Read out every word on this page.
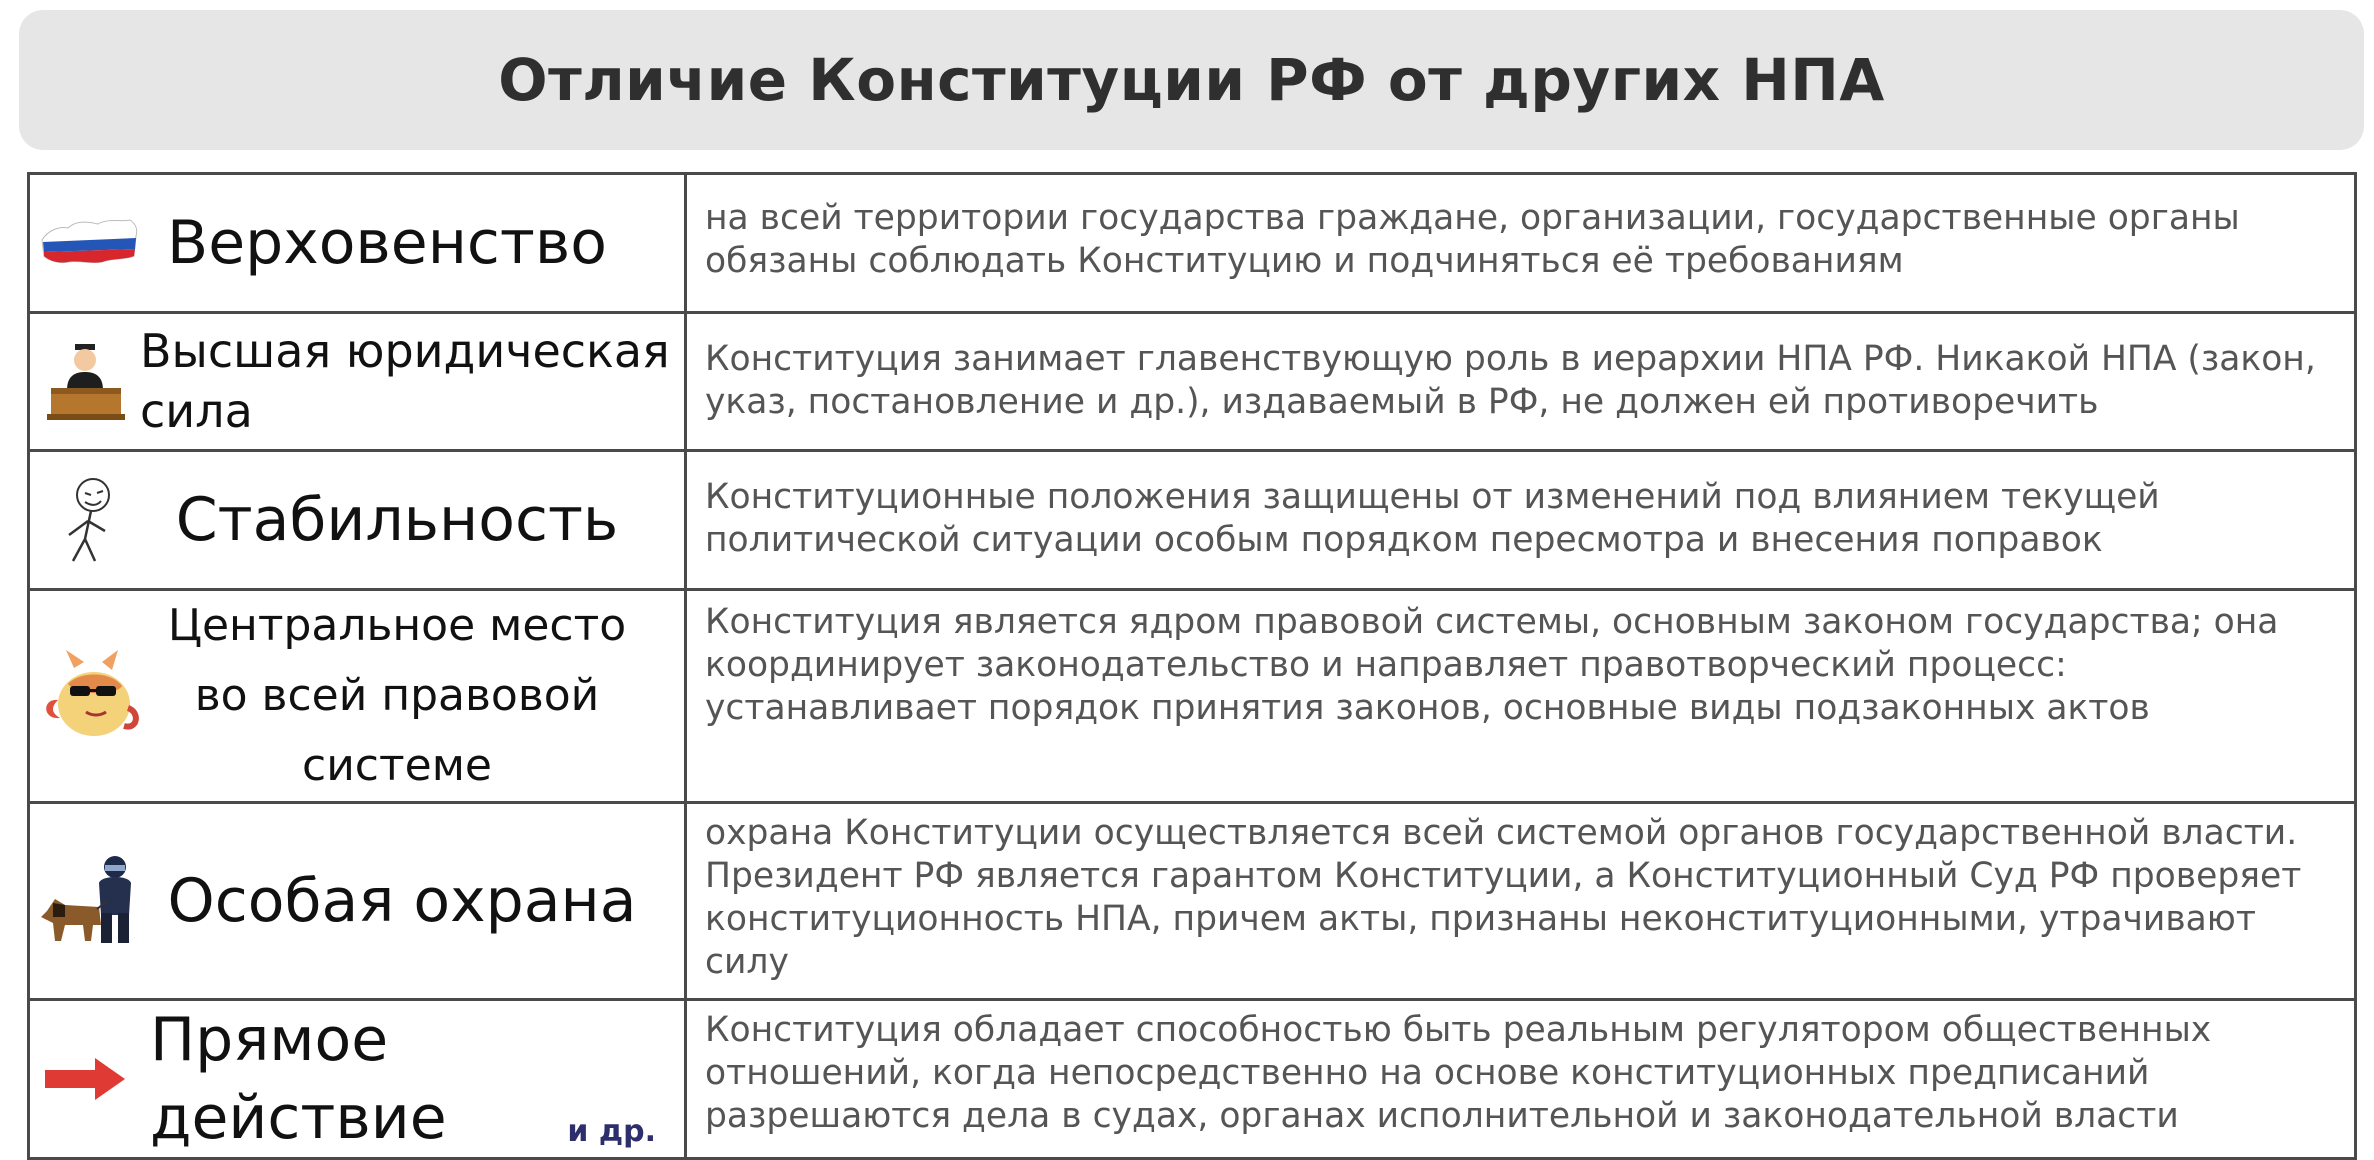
Отличие Конституции РФ от других НПА
Верховенство	на всей территории государства граждане, организации, государственные органы обязаны соблюдать Конституцию и подчиняться её требованиям

Высшая юридическая сила	Конституция занимает главенствующую роль в иерархии НПА РФ. Никакой НПА (закон, указ, постановление и др.), издаваемый в РФ, не должен ей противоречить

Стабильность	Конституционные положения защищены от изменений под влиянием текущей политической ситуации особым порядком пересмотра и внесения поправок

Центральное место во всей правовой системе	Конституция является ядром правовой системы, основным законом государства; она координирует законодательство и направляет правотворческий процесс: устанавливает порядок принятия законов, основные виды подзаконных актов

Особая охрана	охрана Конституции осуществляется всей системой органов государственной власти. Президент РФ является гарантом Конституции, а Конституционный Суд РФ проверяет конституционность НПА, причем акты, признаны неконституционными, утрачивают силу

Прямое действие и др.	Конституция обладает способностью быть реальным регулятором общественных отношений, когда непосредственно на основе конституционных предписаний разрешаются дела в судах, органах исполнительной и законодательной власти
